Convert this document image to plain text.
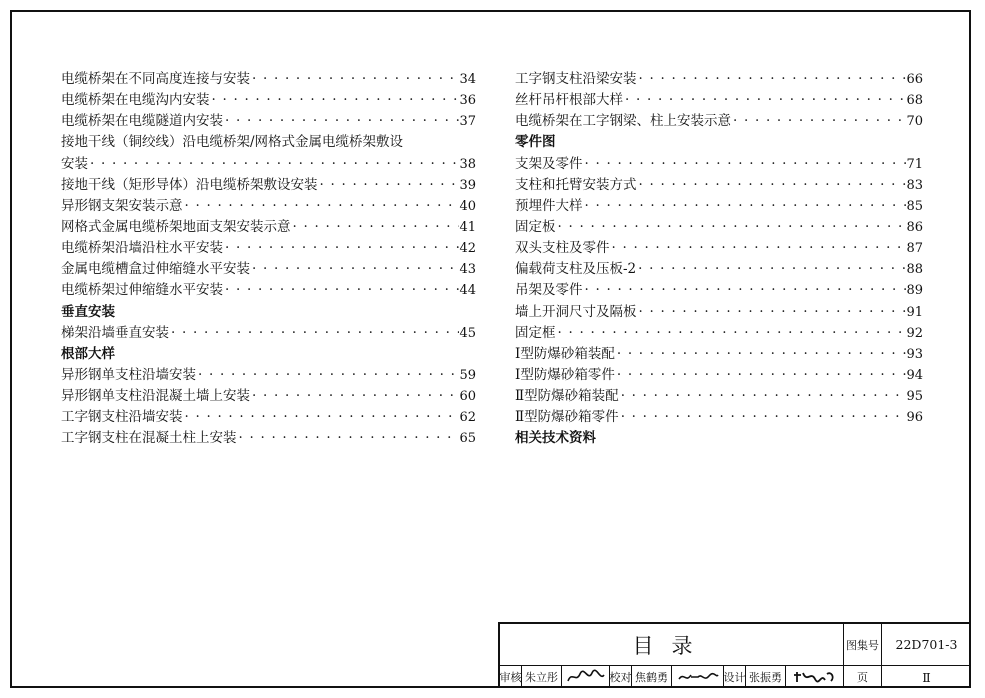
电缆桥架在不同高度连接与安装 · · ·	34
电缆桥架在电缆沟内安装 · · ·	36
电缆桥架在电缆隧道内安装 · · ·	37
接地干线（铜绞线）沿电缆桥架/网格式金属电缆桥架敷设
安装 · · ·	38
接地干线（矩形导体）沿电缆桥架敷设安装 · · ·	39
异形钢支架安装示意 · · ·	40
网格式金属电缆桥架地面支架安装示意 · · ·	41
电缆桥架沿墙沿柱水平安装 · · ·	42
金属电缆槽盒过伸缩缝水平安装 · · ·	43
电缆桥架过伸缩缝水平安装 · · ·	44
垂直安装
梯架沿墙垂直安装 · · ·	45
根部大样
异形钢单支柱沿墙安装 · · ·	59
异形钢单支柱沿混凝土墙上安装 · · ·	60
工字钢支柱沿墙安装 · · ·	62
工字钢支柱在混凝土柱上安装 · · ·	65
工字钢支柱沿梁安装 · · ·	66
丝杆吊杆根部大样 · · ·	68
电缆桥架在工字钢梁、柱上安装示意 · · ·	70
零件图
支架及零件 · · ·	71
支柱和托臂安装方式 · · ·	83
预埋件大样 · · ·	85
固定板 · · ·	86
双头支柱及零件 · · ·	87
偏载荷支柱及压板-2 · · ·	88
吊架及零件 · · ·	89
墙上开洞尺寸及隔板 · · ·	91
固定框 · · ·	92
Ⅰ型防爆砂箱装配 · · ·	93
Ⅰ型防爆砂箱零件 · · ·	94
Ⅱ型防爆砂箱装配 · · ·	95
Ⅱ型防爆砂箱零件 · · ·	96
相关技术资料
目录	图集号	22D701-3
审核 朱立彤	校对 焦鹤勇	设计 张振勇	页	Ⅱ
